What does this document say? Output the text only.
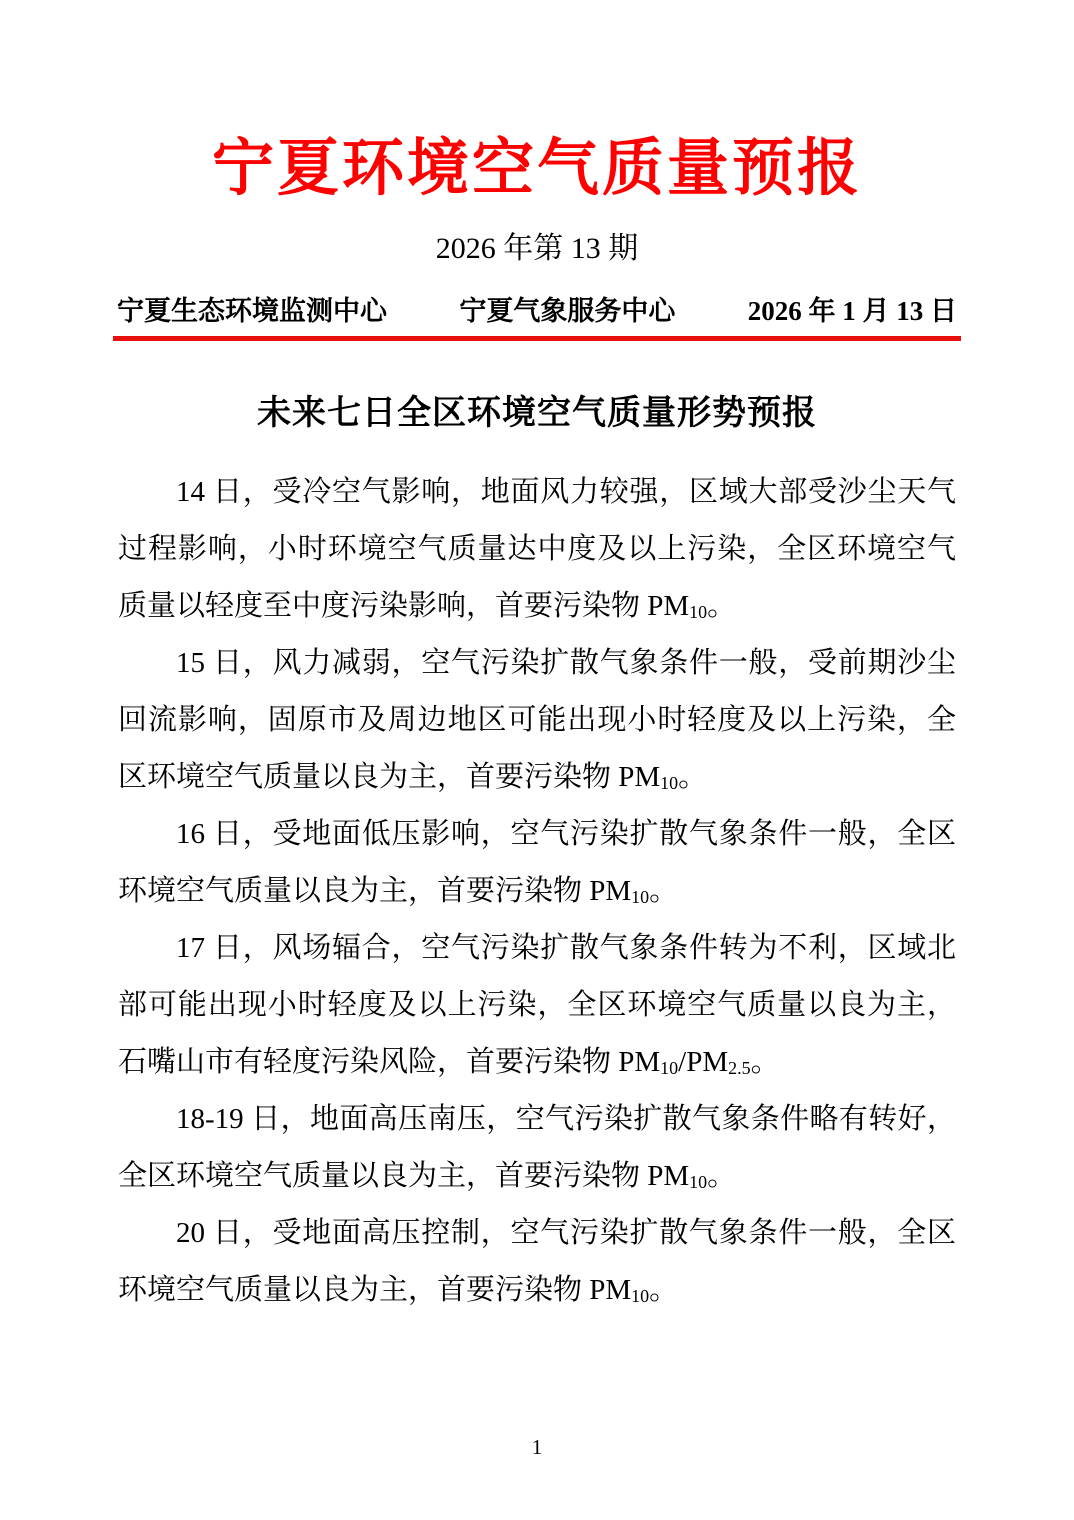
宁夏环境空气质量预报
2026 年第 13 期
宁夏生态环境监测中心	宁夏气象服务中心	2026 年 1 月 13 日
未来七日全区环境空气质量形势预报

14 日，受冷空气影响，地面风力较强，区域大部受沙尘天气过程影响，小时环境空气质量达中度及以上污染，全区环境空气质量以轻度至中度污染影响，首要污染物 $PM_{10}$。

15 日，风力减弱，空气污染扩散气象条件一般，受前期沙尘回流影响，固原市及周边地区可能出现小时轻度及以上污染，全区环境空气质量以良为主，首要污染物 $PM_{10}$。

16 日，受地面低压影响，空气污染扩散气象条件一般，全区环境空气质量以良为主，首要污染物 $PM_{10}$。

17 日，风场辐合，空气污染扩散气象条件转为不利，区域北部可能出现小时轻度及以上污染，全区环境空气质量以良为主，石嘴山市有轻度污染风险，首要污染物 $PM_{10}/PM_{2.5}$。

18-19 日，地面高压南压，空气污染扩散气象条件略有转好，全区环境空气质量以良为主，首要污染物 $PM_{10}$。

20 日，受地面高压控制，空气污染扩散气象条件一般，全区环境空气质量以良为主，首要污染物 $PM_{10}$。

1
